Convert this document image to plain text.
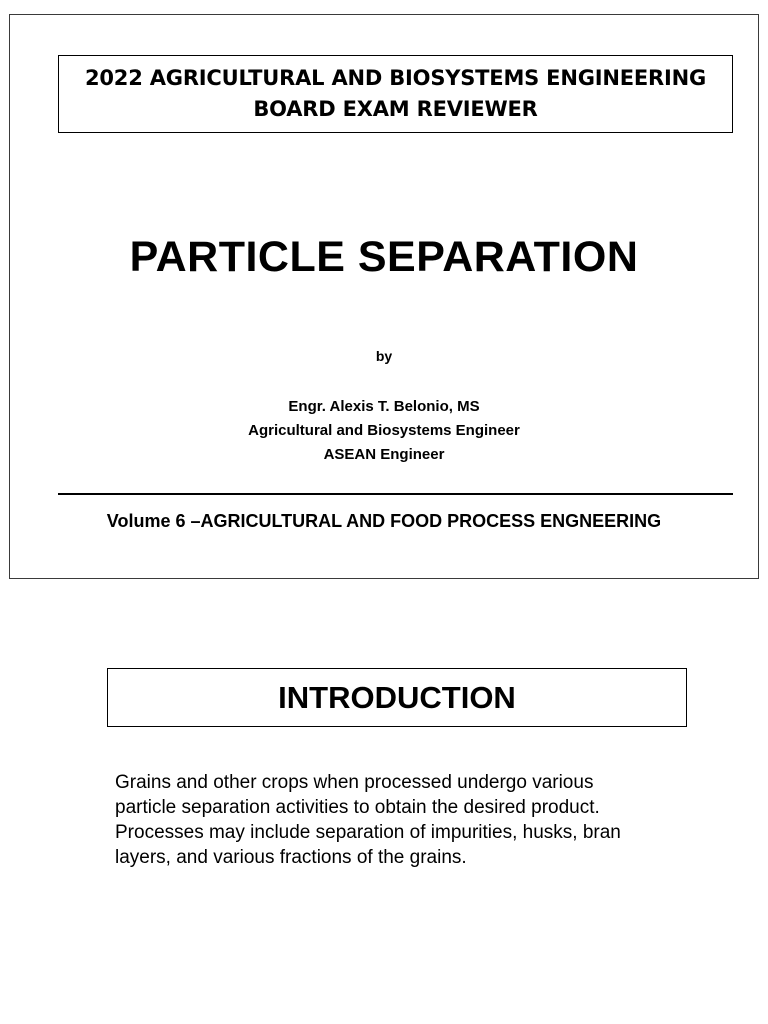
2022 AGRICULTURAL AND BIOSYSTEMS ENGINEERING
BOARD EXAM REVIEWER
PARTICLE SEPARATION
by
Engr. Alexis T. Belonio, MS
Agricultural and Biosystems Engineer
ASEAN Engineer
Volume 6 –AGRICULTURAL AND FOOD PROCESS ENGNEERING
INTRODUCTION
Grains and other crops when processed undergo various
particle separation activities to obtain the desired product.
Processes may include separation of impurities, husks, bran
layers, and various fractions of the grains.
